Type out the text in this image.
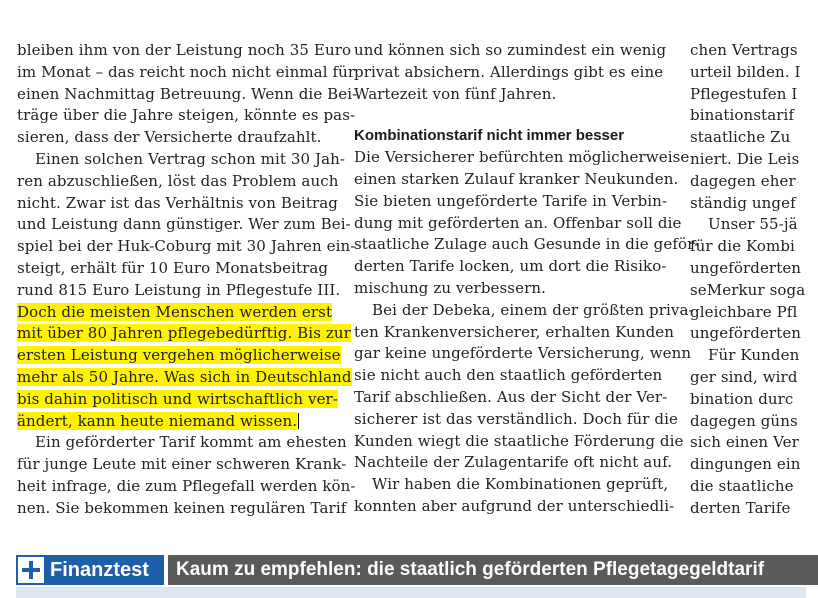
bleiben ihm von der Leistung noch 35 Euro
im Monat – das reicht noch nicht einmal für
einen Nachmittag Betreuung. Wenn die Bei-
träge über die Jahre steigen, könnte es pas-
sieren, dass der Versicherte draufzahlt.

Einen solchen Vertrag schon mit 30 Jah-
ren abzuschließen, löst das Problem auch
nicht. Zwar ist das Verhältnis von Beitrag
und Leistung dann günstiger. Wer zum Bei-
spiel bei der Huk-Coburg mit 30 Jahren ein-
steigt, erhält für 10 Euro Monatsbeitrag
rund 815 Euro Leistung in Pflegestufe III.

Doch die meisten Menschen werden erst
mit über 80 Jahren pflegebedürftig. Bis zur
ersten Leistung vergehen möglicherweise
mehr als 50 Jahre. Was sich in Deutschland
bis dahin politisch und wirtschaftlich ver-
ändert, kann heute niemand wissen.

Ein geförderter Tarif kommt am ehesten
für junge Leute mit einer schweren Krank-
heit infrage, die zum Pflegefall werden kön-
nen. Sie bekommen keinen regulären Tarif

und können sich so zumindest ein wenig
privat absichern. Allerdings gibt es eine
Wartezeit von fünf Jahren.

Kombinationstarif nicht immer besser

Die Versicherer befürchten möglicherweise
einen starken Zulauf kranker Neukunden.
Sie bieten ungeförderte Tarife in Verbin-
dung mit geförderten an. Offenbar soll die
staatliche Zulage auch Gesunde in die geför-
derten Tarife locken, um dort die Risiko-
mischung zu verbessern.

Bei der Debeka, einem der größten priva-
ten Krankenversicherer, erhalten Kunden
gar keine ungeförderte Versicherung, wenn
sie nicht auch den staatlich geförderten
Tarif abschließen. Aus der Sicht der Ver-
sicherer ist das verständlich. Doch für die
Kunden wiegt die staatliche Förderung die
Nachteile der Zulagentarife oft nicht auf.

Wir haben die Kombinationen geprüft,
konnten aber aufgrund der unterschiedli-

chen Vertrags
urteil bilden. I
Pflegestufen I
binationstarif
staatliche Zu
niert. Die Leis
dagegen eher
ständig ungef

Unser 55-jä
für die Kombi
ungeförderten
seMerkur soga
gleichbare Pfl
ungeförderten

Für Kunden
ger sind, wird
bination durc
dagegen güns
sich einen Ver
dingungen ein
die staatliche
derten Tarife

Finanztest Kaum zu empfehlen: die staatlich geförderten Pflegetagegeldtarif
